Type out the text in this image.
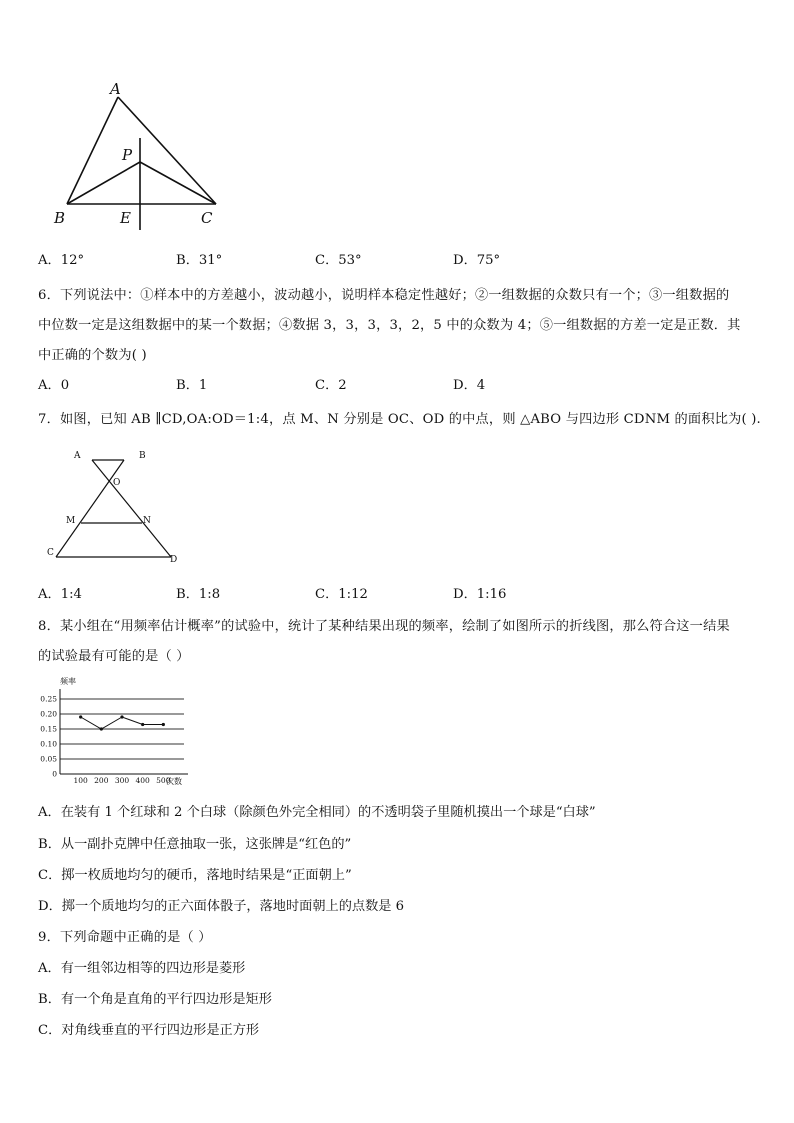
A
P
B	E	C
A．12°	B．31°	C．53°	D．75°
6．下列说法中：①样本中的方差越小，波动越小，说明样本稳定性越好；②一组数据的众数只有一个；③一组数据的
中位数一定是这组数据中的某一个数据；④数据 3，3，3，3，2，5 中的众数为 4；⑤一组数据的方差一定是正数．其
中正确的个数为( )
A．0	B．1	C．2	D．4
7．如图，已知 AB ∥CD,OA:OD＝1:4，点 M、N 分别是 OC、OD 的中点，则 △ABO 与四边形 CDNM 的面积比为( ).
A	B
O
M	N
C
D
A．1:4	B．1:8	C．1:12	D．1:16
8．某小组在“用频率估计概率”的试验中，统计了某种结果出现的频率，绘制了如图所示的折线图，那么符合这一结果
的试验最有可能的是（ ）
0
0.05
0.10
0.15
0.20
0.25
100 200 300 400 500
频率
次数
A．在装有 1 个红球和 2 个白球（除颜色外完全相同）的不透明袋子里随机摸出一个球是“白球”
B．从一副扑克牌中任意抽取一张，这张牌是“红色的”
C．掷一枚质地均匀的硬币，落地时结果是“正面朝上”
D．掷一个质地均匀的正六面体骰子，落地时面朝上的点数是 6
9．下列命题中正确的是（ ）
A．有一组邻边相等的四边形是菱形
B．有一个角是直角的平行四边形是矩形
C．对角线垂直的平行四边形是正方形
